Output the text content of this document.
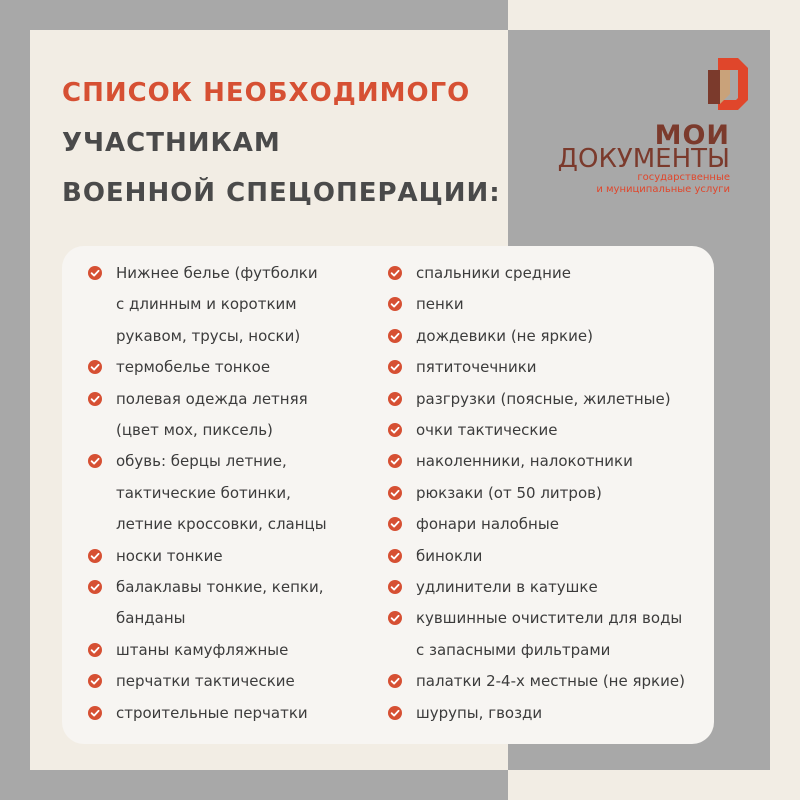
СПИСОК НЕОБХОДИМОГО
УЧАСТНИКАМ
ВОЕННОЙ СПЕЦОПЕРАЦИИ:
МОИ
ДОКУМЕНТЫ
государственные
и муниципальные услуги
Нижнее белье (футболки
с длинным и коротким
рукавом, трусы, носки)
термобелье тонкое
полевая одежда летняя
(цвет мох, пиксель)
обувь: берцы летние,
тактические ботинки,
летние кроссовки, сланцы
носки тонкие
балаклавы тонкие, кепки,
банданы
штаны камуфляжные
перчатки тактические
строительные перчатки
спальники средние
пенки
дождевики (не яркие)
пятиточечники
разгрузки (поясные, жилетные)
очки тактические
наколенники, налокотники
рюкзаки (от 50 литров)
фонари налобные
бинокли
удлинители в катушке
кувшинные очистители для воды
с запасными фильтрами
палатки 2-4-х местные (не яркие)
шурупы, гвозди
